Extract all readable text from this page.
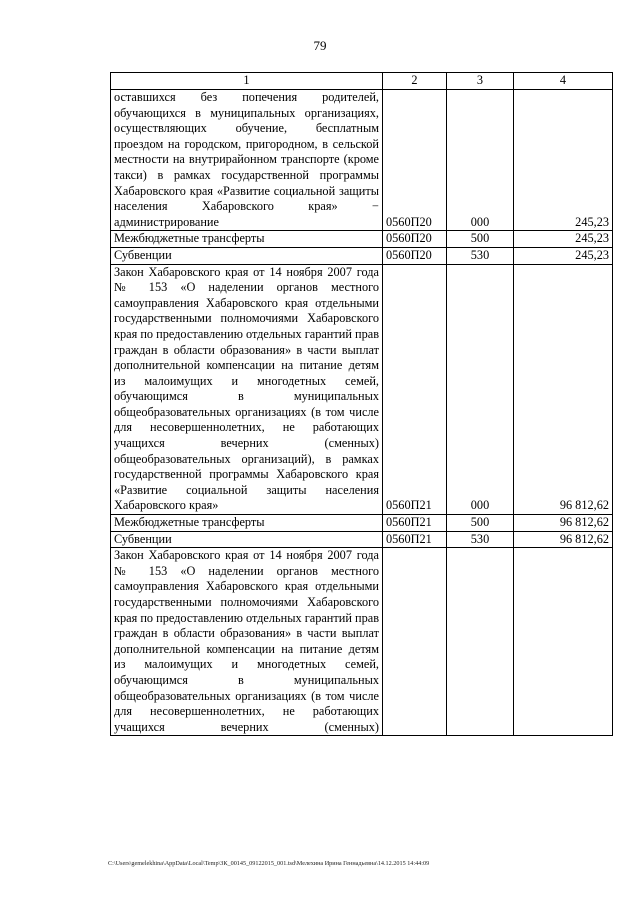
79
1	2	3	4
оставшихся без попечения родителей, обучающихся в муниципальных организациях, осуществляющих обучение, бесплатным проездом на городском, пригородном, в сельской местности на внутрирайонном транспорте (кроме такси) в рамках государственной программы Хабаровского края «Развитие социальной защиты населения Хабаровского края» − администрирование	0560П20	000	245,23
Межбюджетные трансферты	0560П20	500	245,23
Субвенции	0560П20	530	245,23
Закон Хабаровского края от 14 ноября 2007 года № 153 «О наделении органов местного самоуправления Хабаровского края отдельными государственными полномочиями Хабаровского края по предоставлению отдельных гарантий прав граждан в области образования» в части выплат дополнительной компенсации на питание детям из малоимущих и многодетных семей, обучающимся в муниципальных общеобразовательных организациях (в том числе для несовершеннолетних, не работающих учащихся вечерних (сменных) общеобразовательных организаций), в рамках государственной программы Хабаровского края «Развитие социальной защиты населения Хабаровского края»	0560П21	000	96 812,62
Межбюджетные трансферты	0560П21	500	96 812,62
Субвенции	0560П21	530	96 812,62
Закон Хабаровского края от 14 ноября 2007 года № 153 «О наделении органов местного самоуправления Хабаровского края отдельными государственными полномочиями Хабаровского края по предоставлению отдельных гарантий прав граждан в области образования» в части выплат дополнительной компенсации на питание детям из малоимущих и многодетных семей, обучающимся в муниципальных общеобразовательных организациях (в том числе для несовершеннолетних, не работающих учащихся вечерних (сменных)			
C:\Users\gemelekhina\AppData\Local\Temp\ЗК_00145_09122015_001.tsd\Мелехина Ирина Геннадьевна\14.12.2015 14:44:09
